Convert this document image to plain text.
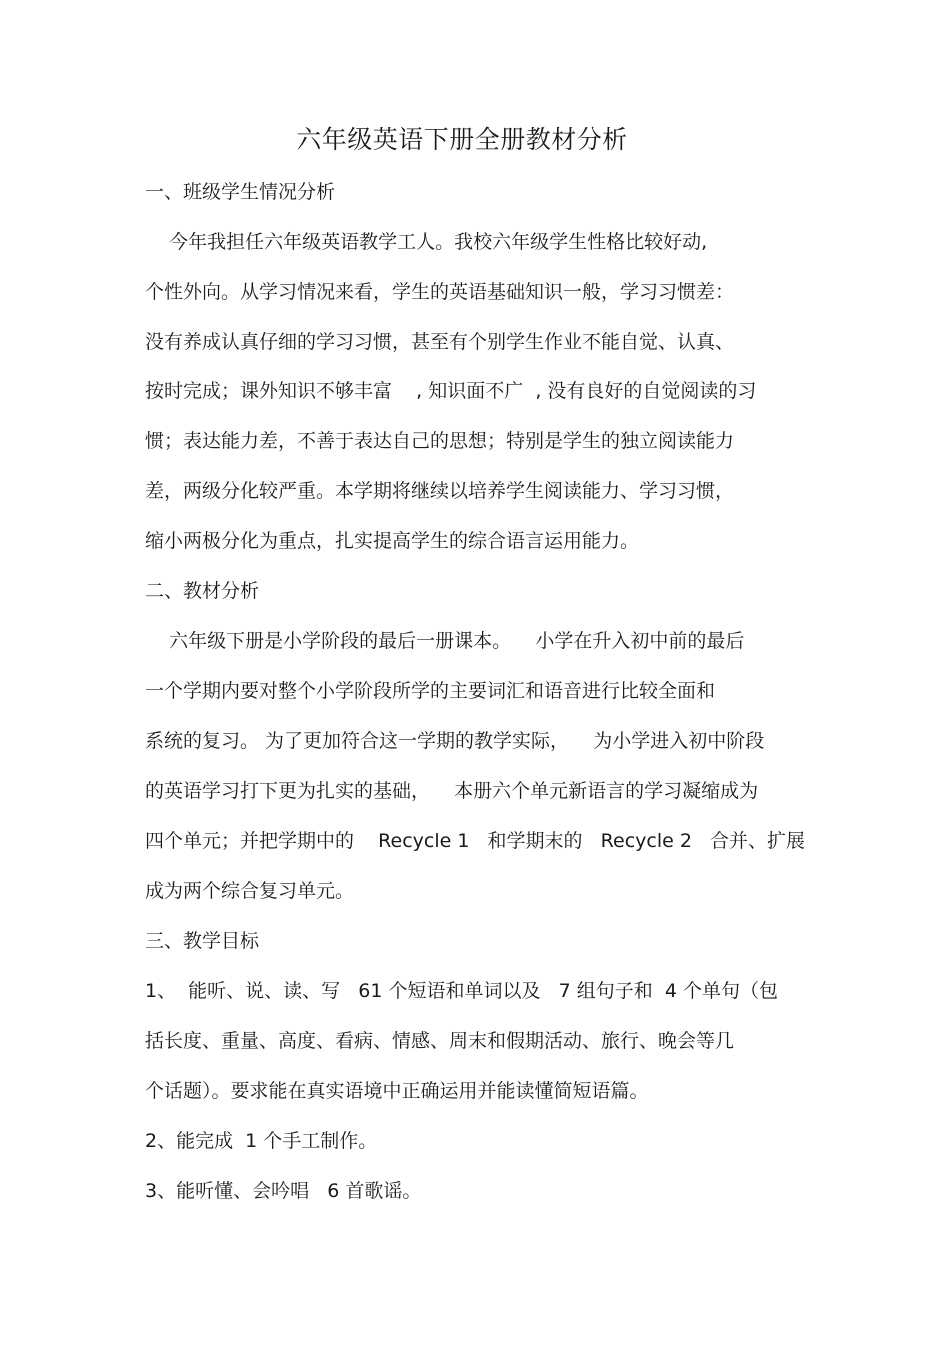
六年级英语下册全册教材分析
一、班级学生情况分析
今年我担任六年级英语教学工人。我校六年级学生性格比较好动,
个性外向。从学习情况来看，学生的英语基础知识一般，学习习惯差：
没有养成认真仔细的学习习惯，甚至有个别学生作业不能自觉、认真、
按时完成；课外知识不够丰富    , 知识面不广  , 没有良好的自觉阅读的习
惯；表达能力差，不善于表达自己的思想；特别是学生的独立阅读能力
差，两级分化较严重。本学期将继续以培养学生阅读能力、学习习惯，
缩小两极分化为重点，扎实提高学生的综合语言运用能力。
二、教材分析
六年级下册是小学阶段的最后一册课本。    小学在升入初中前的最后
一个学期内要对整个小学阶段所学的主要词汇和语音进行比较全面和
系统的复习。 为了更加符合这一学期的教学实际，    为小学进入初中阶段
的英语学习打下更为扎实的基础，    本册六个单元新语言的学习凝缩成为
四个单元；并把学期中的    Recycle 1   和学期末的   Recycle 2   合并、扩展
成为两个综合复习单元。
三、教学目标
1、  能听、说、读、写   61 个短语和单词以及   7 组句子和  4 个单句（包
括长度、重量、高度、看病、情感、周末和假期活动、旅行、晚会等几
个话题）。要求能在真实语境中正确运用并能读懂简短语篇。
2、能完成  1 个手工制作。
3、能听懂、会吟唱   6 首歌谣。
